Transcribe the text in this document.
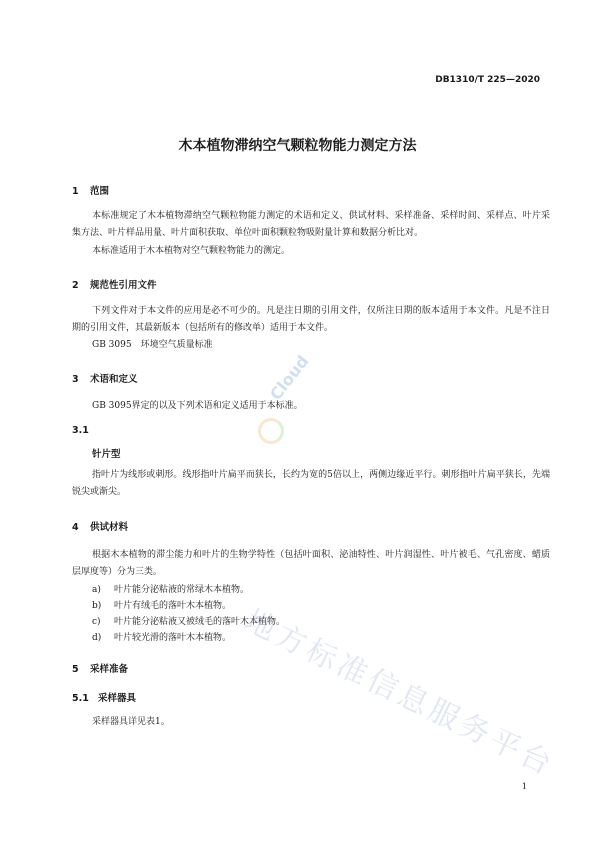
Cloud
DB1310/T 225—2020
木本植物滞纳空气颗粒物能力测定方法
1 范围
本标准规定了木本植物滞纳空气颗粒物能力测定的术语和定义、供试材料、采样准备、采样时间、采样点、叶片采集方法、叶片样品用量、叶片面积获取、单位叶面积颗粒物吸附量计算和数据分析比对。
本标准适用于木本植物对空气颗粒物能力的测定。
2 规范性引用文件
下列文件对于本文件的应用是必不可少的。凡是注日期的引用文件，仅所注日期的版本适用于本文件。凡是不注日期的引用文件，其最新版本（包括所有的修改单）适用于本文件。
GB 3095　环境空气质量标准
3 术语和定义
GB 3095界定的以及下列术语和定义适用于本标准。
3.1
针片型
指叶片为线形或刺形。线形指叶片扁平而狭长，长约为宽的5倍以上，两侧边缘近平行。刺形指叶片扁平狭长，先端锐尖或渐尖。
4 供试材料
根据木本植物的滞尘能力和叶片的生物学特性（包括叶面积、泌油特性、叶片润湿性、叶片被毛、气孔密度、蜡质层厚度等）分为三类。
a) 叶片能分泌粘液的常绿木本植物。
b) 叶片有绒毛的落叶木本植物。
c) 叶片能分泌粘液又被绒毛的落叶木本植物。
d) 叶片较光滑的落叶木本植物。
5 采样准备
5.1 采样器具
采样器具详见表1。	地方标准信息服务平台
1
